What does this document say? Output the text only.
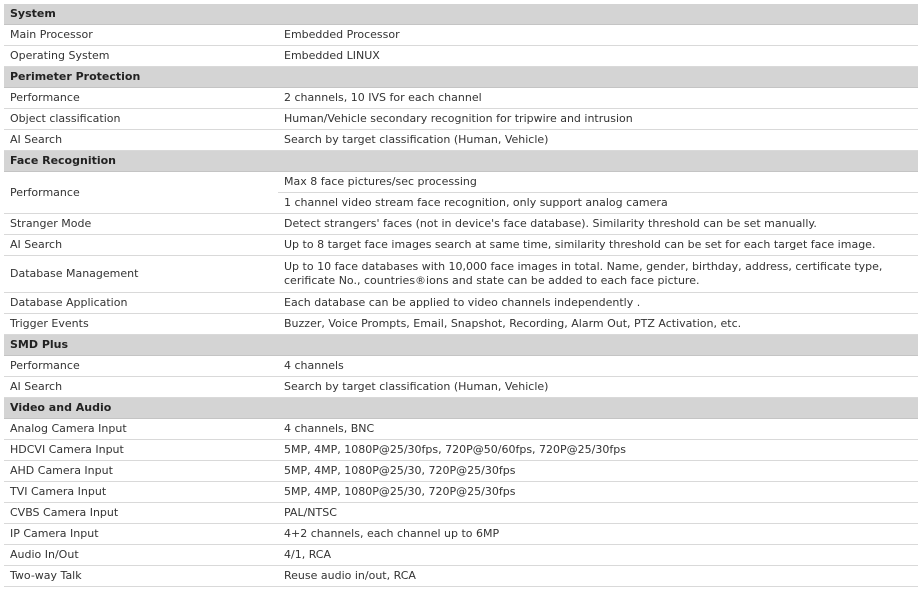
System	
Main Processor	Embedded Processor
Operating System	Embedded LINUX
Perimeter Protection	
Performance	2 channels, 10 IVS for each channel
Object classification	Human/Vehicle secondary recognition for tripwire and intrusion
AI Search	Search by target classification (Human, Vehicle)
Face Recognition	
Performance	Max 8 face pictures/sec processing
	1 channel video stream face recognition, only support analog camera
Stranger Mode	Detect strangers' faces (not in device's face database). Similarity threshold can be set manually.
AI Search	Up to 8 target face images search at same time, similarity threshold can be set for each target face image.
Database Management	Up to 10 face databases with 10,000 face images in total. Name, gender, birthday, address, certificate type, cerificate No., countries®ions and state can be added to each face picture.
Database Application	Each database can be applied to video channels independently .
Trigger Events	Buzzer, Voice Prompts, Email, Snapshot, Recording, Alarm Out, PTZ Activation, etc.
SMD Plus	
Performance	4 channels
AI Search	Search by target classification (Human, Vehicle)
Video and Audio	
Analog Camera Input	4 channels, BNC
HDCVI Camera Input	5MP, 4MP, 1080P@25/30fps, 720P@50/60fps, 720P@25/30fps
AHD Camera Input	5MP, 4MP, 1080P@25/30, 720P@25/30fps
TVI Camera Input	5MP, 4MP, 1080P@25/30, 720P@25/30fps
CVBS Camera Input	PAL/NTSC
IP Camera Input	4+2 channels, each channel up to 6MP
Audio In/Out	4/1, RCA
Two-way Talk	Reuse audio in/out, RCA
